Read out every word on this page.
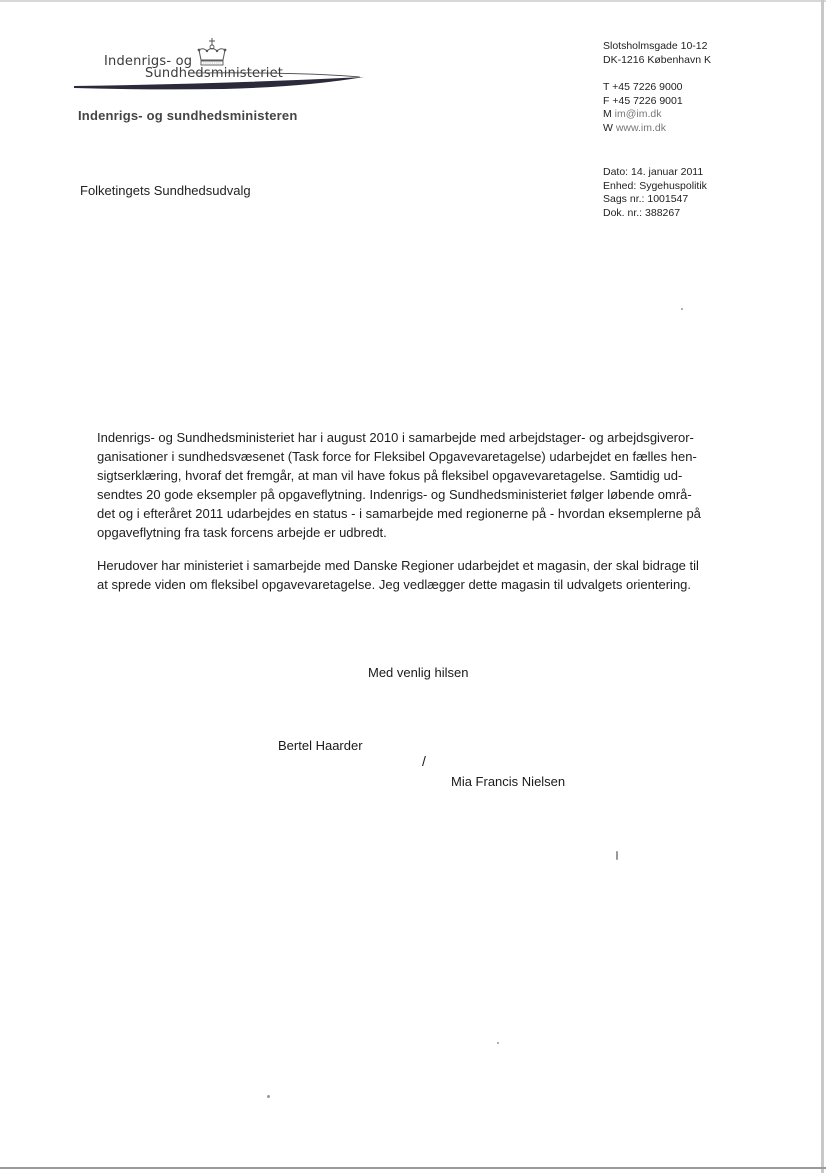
Indenrigs- og
Sundhedsministeriet
Indenrigs- og sundhedsministeren
Slotsholmsgade 10-12
DK-1216 København K
T +45 7226 9000
F +45 7226 9001
M im@im.dk
W www.im.dk
Dato: 14. januar 2011
Enhed: Sygehuspolitik
Sags nr.: 1001547
Dok. nr.: 388267
Folketingets Sundhedsudvalg

Indenrigs- og Sundhedsministeriet har i august 2010 i samarbejde med arbejdstager- og arbejdsgiveror-
ganisationer i sundhedsvæsenet (Task force for Fleksibel Opgavevaretagelse) udarbejdet en fælles hen-
sigtserklæring, hvoraf det fremgår, at man vil have fokus på fleksibel opgavevaretagelse. Samtidig ud-
sendtes 20 gode eksempler på opgaveflytning. Indenrigs- og Sundhedsministeriet følger løbende områ-
det og i efteråret 2011 udarbejdes en status - i samarbejde med regionerne på - hvordan eksemplerne på
opgaveflytning fra task forcens arbejde er udbredt.

Herudover har ministeriet i samarbejde med Danske Regioner udarbejdet et magasin, der skal bidrage til
at sprede viden om fleksibel opgavevaretagelse. Jeg vedlægger dette magasin til udvalgets orientering.

Med venlig hilsen
Bertel Haarder
/
Mia Francis Nielsen
